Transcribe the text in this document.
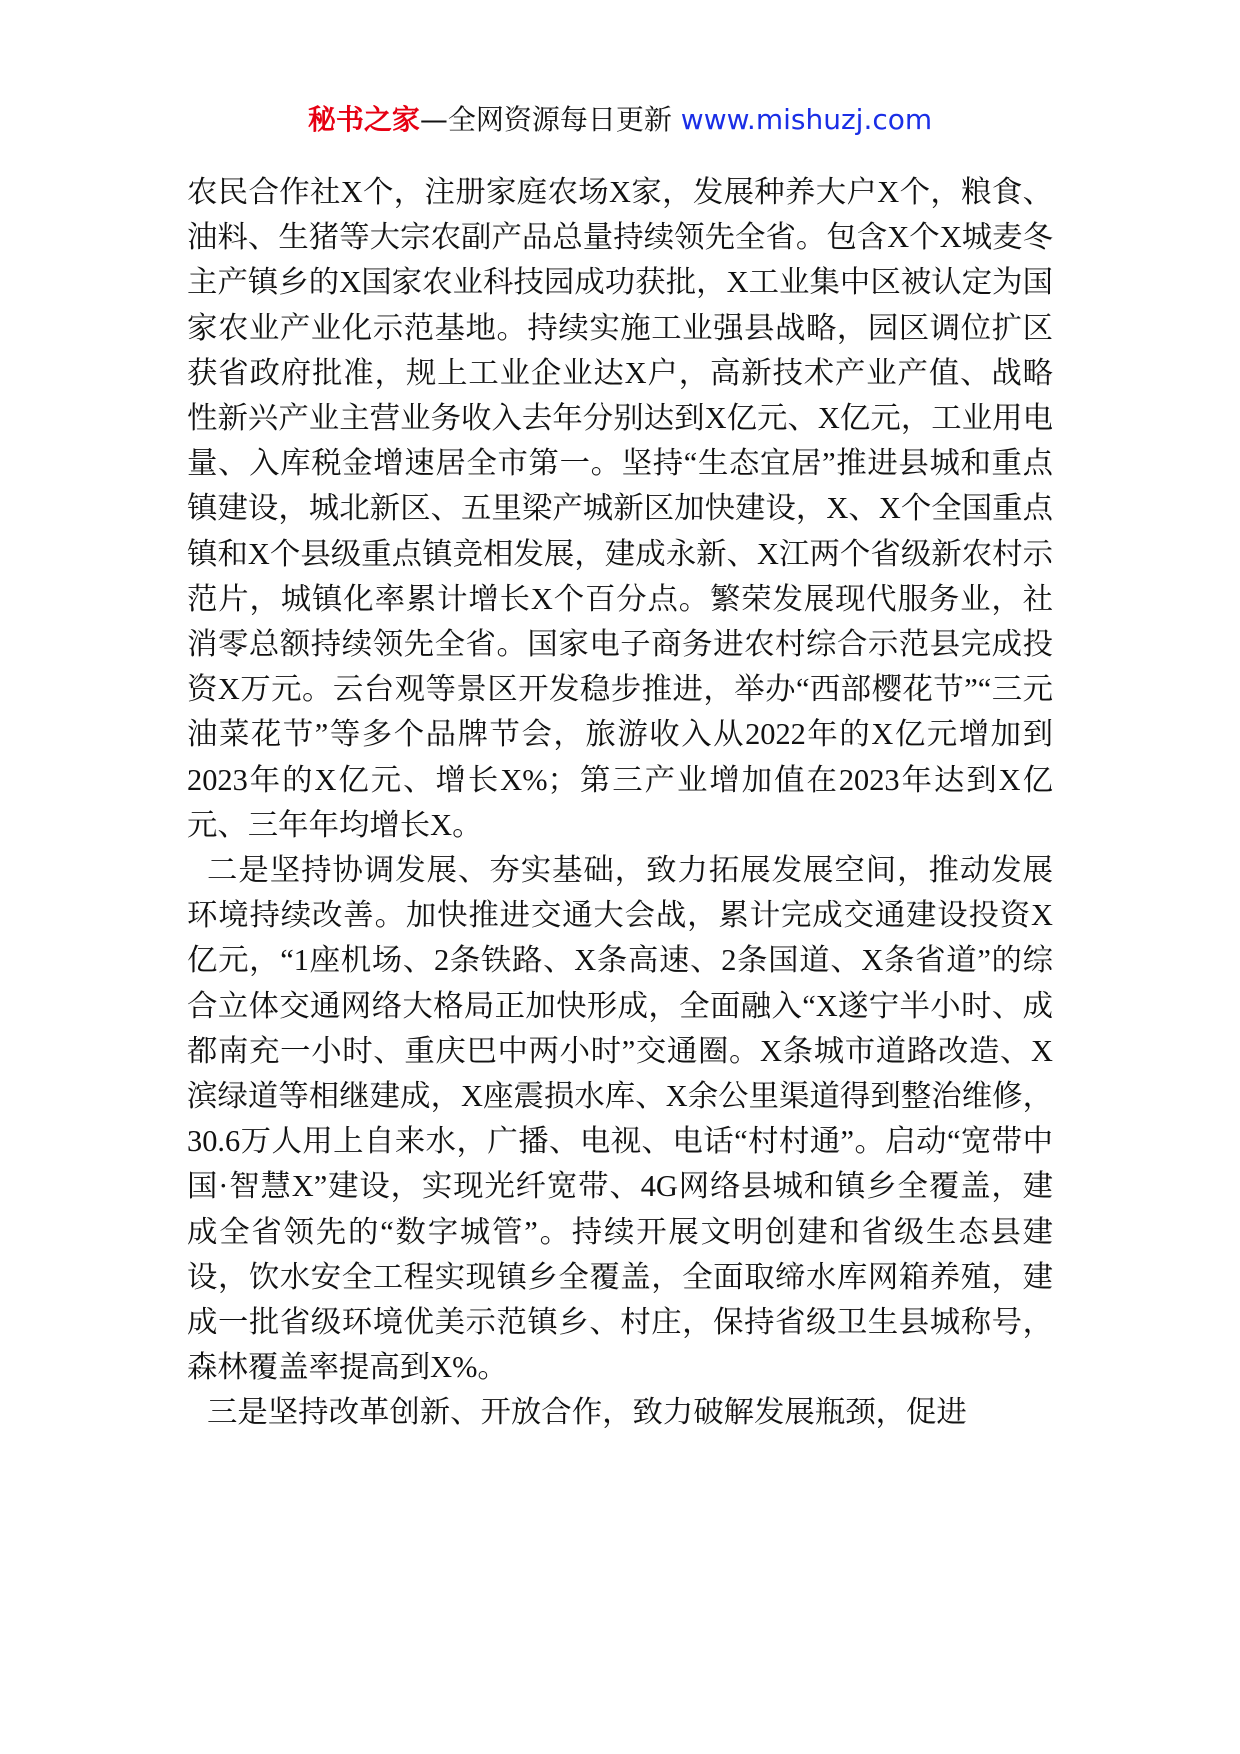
秘书之家—全网资源每日更新 www.mishuzj.com

农民合作社X个，注册家庭农场X家，发展种养大户X个，粮食、油料、生猪等大宗农副产品总量持续领先全省。包含X个X城麦冬主产镇乡的X国家农业科技园成功获批，X工业集中区被认定为国家农业产业化示范基地。持续实施工业强县战略，园区调位扩区获省政府批准，规上工业企业达X户，高新技术产业产值、战略性新兴产业主营业务收入去年分别达到X亿元、X亿元，工业用电量、入库税金增速居全市第一。坚持“生态宜居”推进县城和重点镇建设，城北新区、五里梁产城新区加快建设，X、X个全国重点镇和X个县级重点镇竞相发展，建成永新、X江两个省级新农村示范片，城镇化率累计增长X个百分点。繁荣发展现代服务业，社消零总额持续领先全省。国家电子商务进农村综合示范县完成投资X万元。云台观等景区开发稳步推进，举办“西部樱花节”“三元油菜花节”等多个品牌节会，旅游收入从2022年的X亿元增加到2023年的X亿元、增长X%；第三产业增加值在2023年达到X亿元、三年年均增长X。

二是坚持协调发展、夯实基础，致力拓展发展空间，推动发展环境持续改善。加快推进交通大会战，累计完成交通建设投资X亿元，“1座机场、2条铁路、X条高速、2条国道、X条省道”的综合立体交通网络大格局正加快形成，全面融入“X遂宁半小时、成都南充一小时、重庆巴中两小时”交通圈。X条城市道路改造、X滨绿道等相继建成，X座震损水库、X余公里渠道得到整治维修，30.6万人用上自来水，广播、电视、电话“村村通”。启动“宽带中国·智慧X”建设，实现光纤宽带、4G网络县城和镇乡全覆盖，建成全省领先的“数字城管”。持续开展文明创建和省级生态县建设，饮水安全工程实现镇乡全覆盖，全面取缔水库网箱养殖，建成一批省级环境优美示范镇乡、村庄，保持省级卫生县城称号，森林覆盖率提高到X%。

三是坚持改革创新、开放合作，致力破解发展瓶颈，促进
